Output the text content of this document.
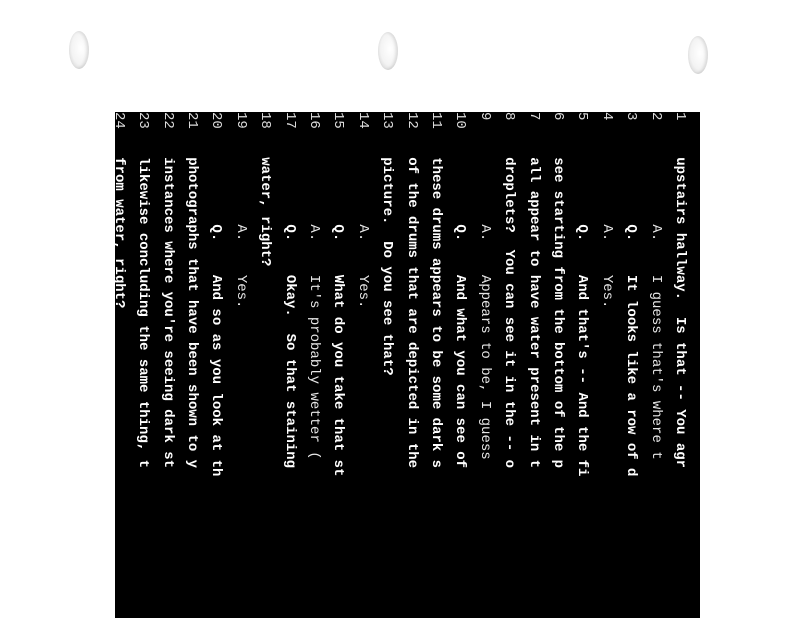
1   upstairs hallway.  Is that -- You agr
2           A.    I guess that's where t
3           Q.    It looks like a row of d
4           A.    Yes.
5           Q.    And that's -- And the fi
6   see starting from the bottom of the p
7   all appear to have water present in t
8   droplets?  You can see it in the -- o
9           A.    Appears to be, I guess
10           Q.    And what you can see of
11   these drums appears to be some dark s
12   of the drums that are depicted in the
13   picture.  Do you see that?
14           A.    Yes.
15           Q.    What do you take that st
16           A.    It's probably wetter (
17           Q.    Okay.  So that staining
18   water, right?
19           A.    Yes.
20           Q.    And so as you look at th
21   photographs that have been shown to y
22   instances where you're seeing dark st
23   likewise concluding the same thing, t
24   from water, right?
